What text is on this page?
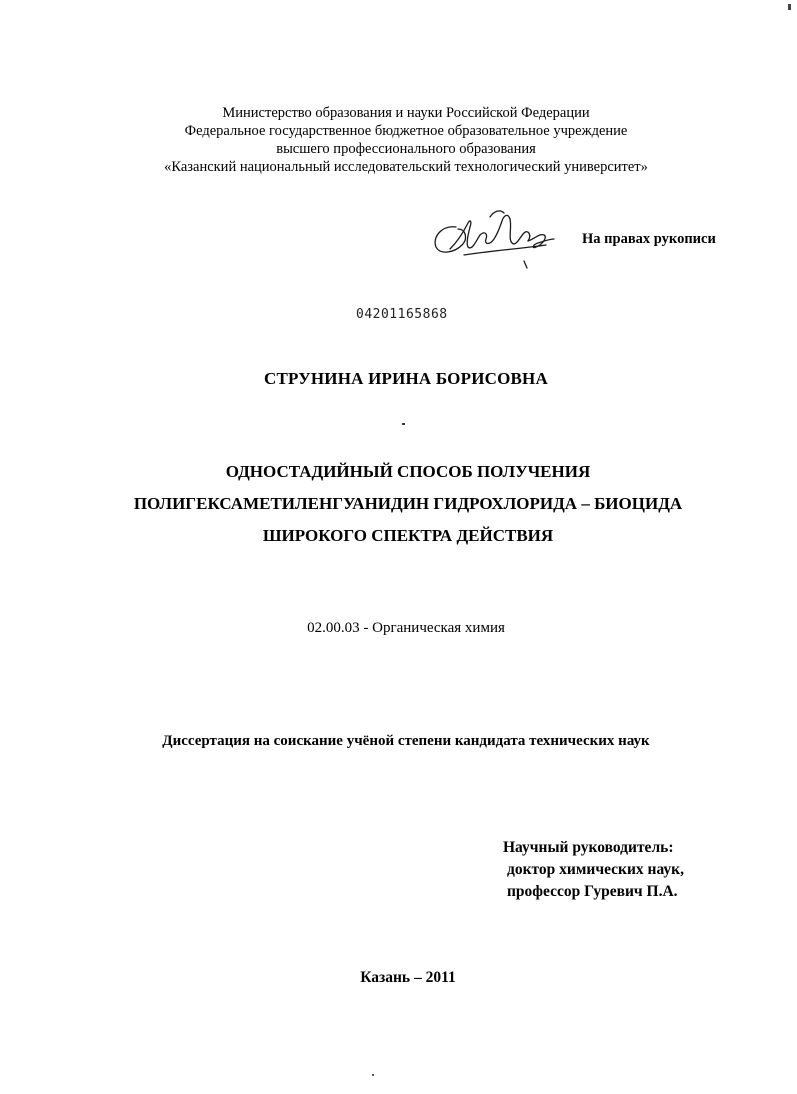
Министерство образования и науки Российской Федерации
Федеральное государственное бюджетное образовательное учреждение
высшего профессионального образования
«Казанский национальный исследовательский технологический университет»
На правах рукописи
04201165868
СТРУНИНА ИРИНА БОРИСОВНА
ОДНОСТАДИЙНЫЙ СПОСОБ ПОЛУЧЕНИЯ
ПОЛИГЕКСАМЕТИЛЕНГУАНИДИН ГИДРОХЛОРИДА – БИОЦИДА
ШИРОКОГО СПЕКТРА ДЕЙСТВИЯ
02.00.03 - Органическая химия
Диссертация на соискание учёной степени кандидата технических наук
Научный руководитель:
доктор химических наук,
профессор Гуревич П.А.
Казань – 2011
